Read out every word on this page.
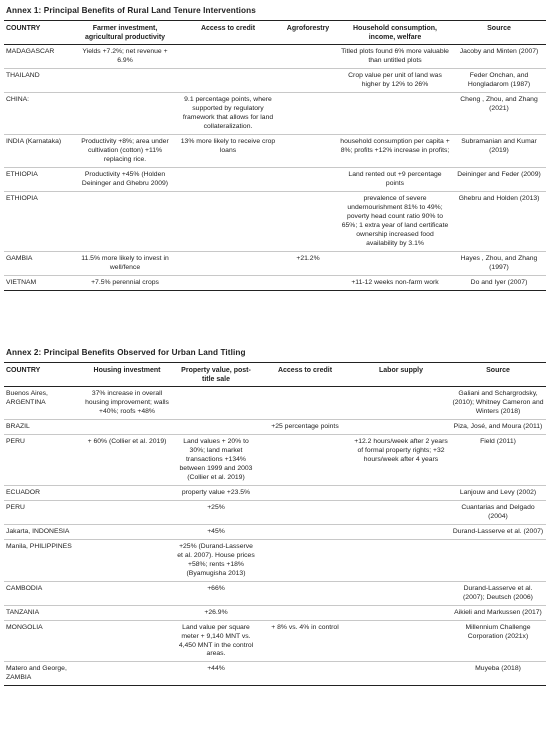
Annex 1: Principal Benefits of Rural Land Tenure Interventions
COUNTRY	Farmer investment, agricultural productivity	Access to credit	Agroforestry	Household consumption, income, welfare	Source
MADAGASCAR	Yields +7.2%; net revenue + 6.9%			Titled plots found 6% more valuable than untitled plots	Jacoby and Minten (2007)
THAILAND				Crop value per unit of land was higher by 12% to 26%	Feder Onchan, and Hongladarom (1987)
CHINA:		9.1 percentage points, where supported by regulatory framework that allows for land collateralization.			Cheng , Zhou, and Zhang (2021)
INDIA (Karnataka)	Productivity +8%; area under cultivation (cotton) +11% replacing rice.	13% more likely to receive crop loans		household consumption per capita + 8%; profits +12% increase in profits;	Subramanian and Kumar (2019)
ETHIOPIA	Productivity +45% (Holden Deininger and Ghebru 2009)			Land rented out +9 percentage points	Deininger and Feder (2009)
ETHIOPIA				prevalence of severe undernourishment 81% to 49%; poverty head count ratio 90% to 65%; 1 extra year of land certificate ownership increased food availability by 3.1%	Ghebru and Holden (2013)
GAMBIA	11.5% more likely to invest in well/fence		+21.2%		Hayes , Zhou, and Zhang (1997)
VIETNAM	+7.5% perennial crops			+11-12 weeks non-farm work	Do and Iyer (2007)
Annex 2: Principal Benefits Observed for Urban Land Titling
COUNTRY	Housing investment	Property value, post-title sale	Access to credit	Labor supply	Source
Buenos Aires, ARGENTINA	37% increase in overall housing improvement; walls +40%; roofs +48%				Galiani and Schargrodsky, (2010); Whitney Cameron and Winters (2018)
BRAZIL			+25 percentage points		Piza, José, and Moura (2011)
PERU	+ 60% (Collier et al. 2019)	Land values + 20% to 30%; land market transactions +134% between 1999 and 2003 (Collier et al. 2019)		+12.2 hours/week after 2 years of formal property rights; +32 hours/week after 4 years	Field (2011)
ECUADOR		property value +23.5%			Lanjouw and Levy (2002)
PERU		+25%			Cuantarias and Delgado (2004)
Jakarta, INDONESIA		+45%			Durand-Lasserve et al. (2007)
Manila, PHILIPPINES		+25% (Durand-Lasserve et al. 2007). House prices +58%; rents +18% (Byamugisha 2013)			
CAMBODIA		+66%			Durand-Lasserve et al. (2007); Deutsch (2006)
TANZANIA		+26.9%			Aikieli and Markussen (2017)
MONGOLIA		Land value per square meter + 9,140 MNT vs. 4,450 MNT in the control areas.	+ 8% vs. 4% in control		Millennium Challenge Corporation (2021x)
Matero and George, ZAMBIA		+44%			Muyeba (2018)
